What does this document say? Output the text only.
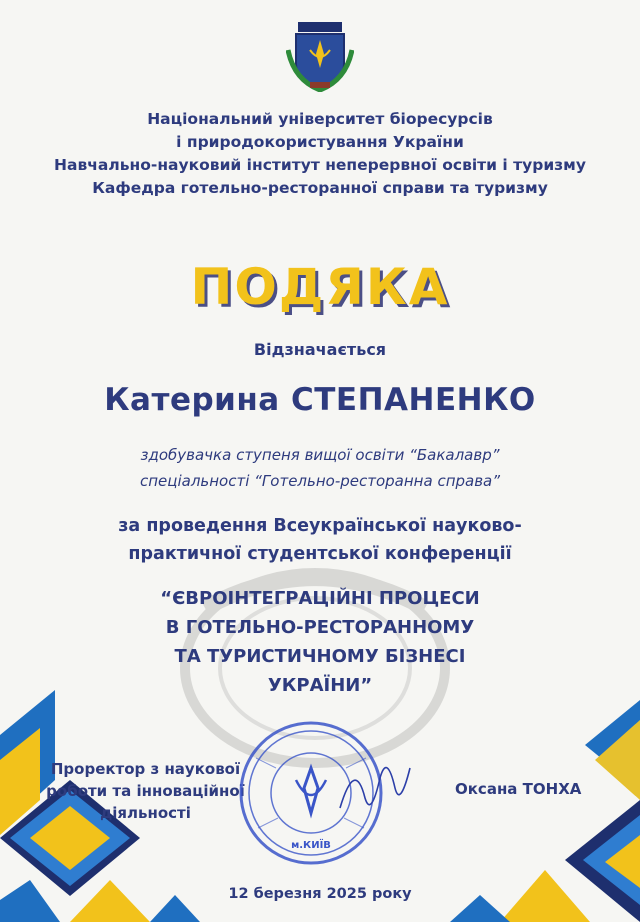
Національний університет біоресурсів
і природокористування України
Навчально-науковий інститут неперервної освіти і туризму
Кафедра готельно-ресторанної справи та туризму
ПОДЯКА
Відзначається
Катерина СТЕПАНЕНКО
здобувачка ступеня вищої освіти “Бакалавр”
спеціальності “Готельно-ресторанна справа”
за проведення Всеукраїнської науково-
практичної студентської конференції
“ЄВРОІНТЕГРАЦІЙНІ ПРОЦЕСИ
В ГОТЕЛЬНО-РЕСТОРАННОМУ
ТА ТУРИСТИЧНОМУ БІЗНЕСІ
УКРАЇНИ”
Проректор з наукової
роботи та інноваційної
діяльності
м.КИЇВ
Оксана ТОНХА
12 березня 2025 року
